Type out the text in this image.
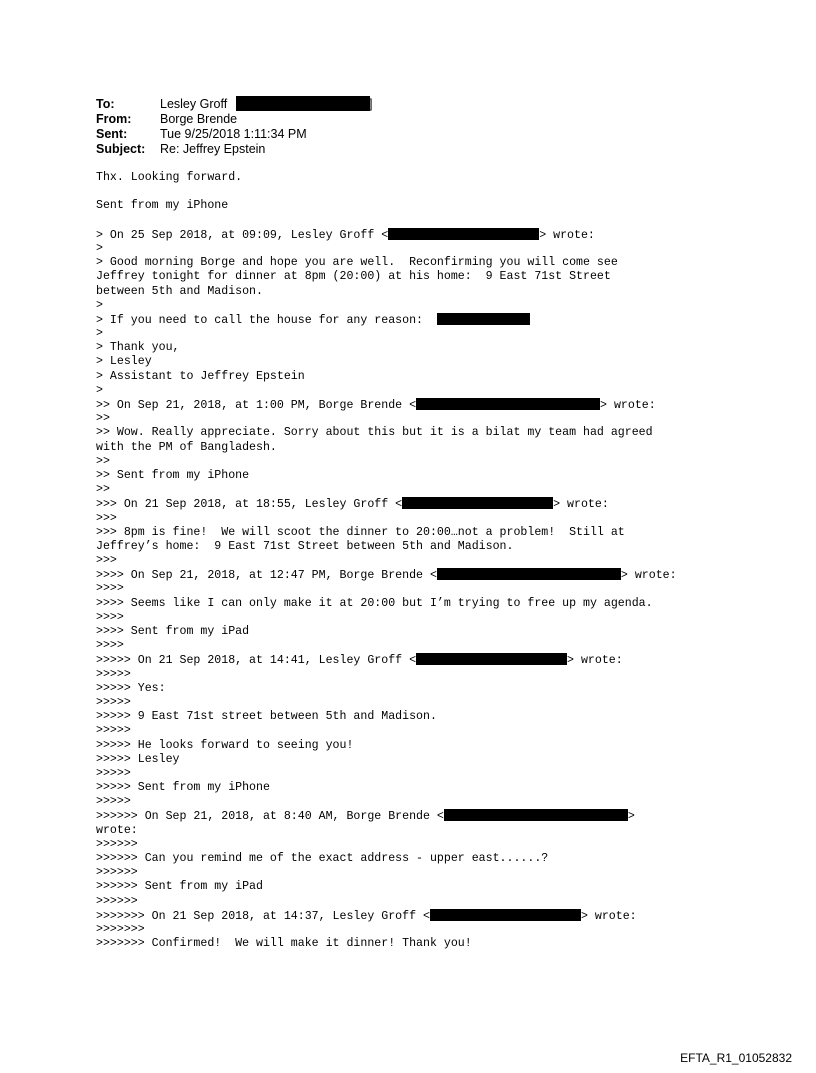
To:	Lesley Groff	]
From: Borge Brende
Sent:	Tue 9/25/2018 1:11:34 PM
Subject: Re: Jeffrey Epstein
Thx. Looking forward.
Sent from my iPhone
> On 25 Sep 2018, at 09:09, Lesley Groff <	> wrote:
>
> Good morning Borge and hope you are well.  Reconfirming you will come see
Jeffrey tonight for dinner at 8pm (20:00) at his home:  9 East 71st Street
between 5th and Madison.
>
> If you need to call the house for any reason:
>
> Thank you,
> Lesley
> Assistant to Jeffrey Epstein
>
>> On Sep 21, 2018, at 1:00 PM, Borge Brende <	> wrote:
>>
>> Wow. Really appreciate. Sorry about this but it is a bilat my team had agreed
with the PM of Bangladesh.
>>
>> Sent from my iPhone
>>
>>> On 21 Sep 2018, at 18:55, Lesley Groff <	> wrote:
>>>
>>> 8pm is fine!  We will scoot the dinner to 20:00…not a problem!  Still at
Jeffrey’s home:  9 East 71st Street between 5th and Madison.
>>>
>>>> On Sep 21, 2018, at 12:47 PM, Borge Brende <	> wrote:
>>>>
>>>> Seems like I can only make it at 20:00 but I’m trying to free up my agenda.
>>>>
>>>> Sent from my iPad
>>>>
>>>>> On 21 Sep 2018, at 14:41, Lesley Groff <	> wrote:
>>>>>
>>>>> Yes:
>>>>>
>>>>> 9 East 71st street between 5th and Madison.
>>>>>
>>>>> He looks forward to seeing you!
>>>>> Lesley
>>>>>
>>>>> Sent from my iPhone
>>>>>
>>>>>> On Sep 21, 2018, at 8:40 AM, Borge Brende <	>
wrote:
>>>>>>
>>>>>> Can you remind me of the exact address - upper east......?
>>>>>>
>>>>>> Sent from my iPad
>>>>>>
>>>>>>> On 21 Sep 2018, at 14:37, Lesley Groff <	> wrote:
>>>>>>>
>>>>>>> Confirmed!  We will make it dinner! Thank you!
EFTA_R1_01052832
